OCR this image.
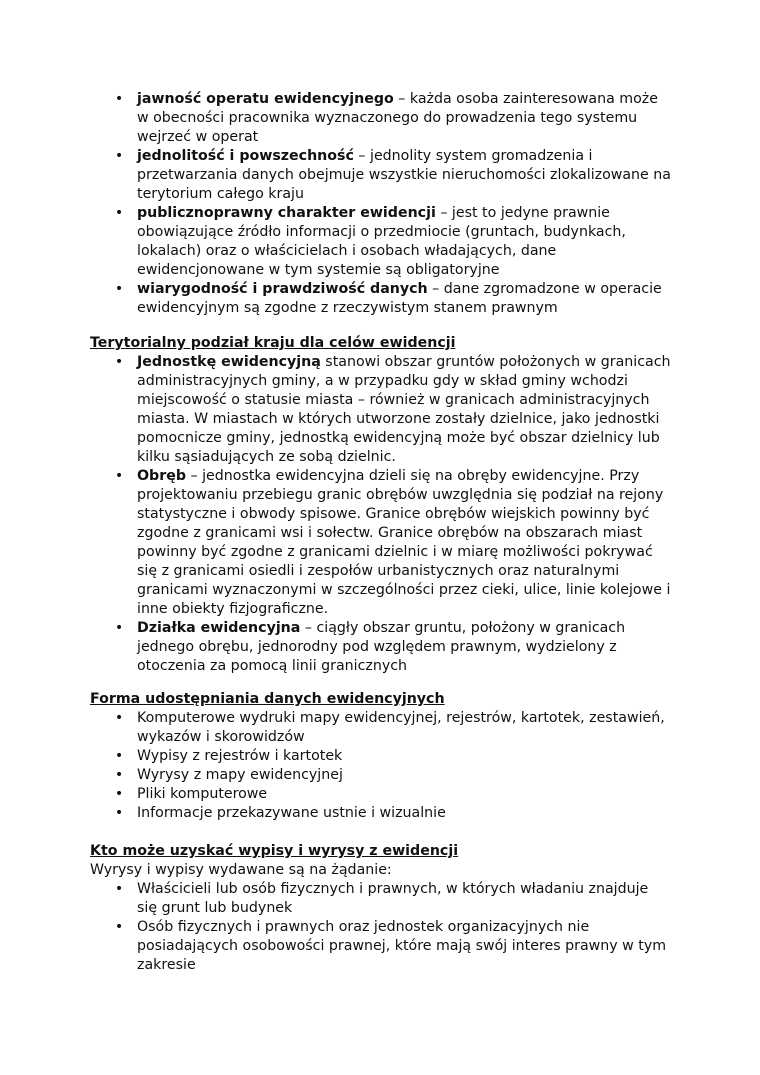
• jawność operatu ewidencyjnego – każda osoba zainteresowana może w obecności pracownika wyznaczonego do prowadzenia tego systemu wejrzeć w operat
• jednolitość i powszechność – jednolity system gromadzenia i przetwarzania danych obejmuje wszystkie nieruchomości zlokalizowane na terytorium całego kraju
• publicznoprawny charakter ewidencji – jest to jedyne prawnie obowiązujące źródło informacji o przedmiocie (gruntach, budynkach, lokalach) oraz o właścicielach i osobach władających, dane ewidencjonowane w tym systemie są obligatoryjne
• wiarygodność i prawdziwość danych – dane zgromadzone w operacie ewidencyjnym są zgodne z rzeczywistym stanem prawnym
Terytorialny podział kraju dla celów ewidencji
• Jednostkę ewidencyjną stanowi obszar gruntów położonych w granicach administracyjnych gminy, a w przypadku gdy w skład gminy wchodzi miejscowość o statusie miasta – również w granicach administracyjnych miasta. W miastach w których utworzone zostały dzielnice, jako jednostki pomocnicze gminy, jednostką ewidencyjną może być obszar dzielnicy lub kilku sąsiadujących ze sobą dzielnic.
• Obręb – jednostka ewidencyjna dzieli się na obręby ewidencyjne. Przy projektowaniu przebiegu granic obrębów uwzględnia się podział na rejony statystyczne i obwody spisowe. Granice obrębów wiejskich powinny być zgodne z granicami wsi i sołectw. Granice obrębów na obszarach miast powinny być zgodne z granicami dzielnic i w miarę możliwości pokrywać się z granicami osiedli i zespołów urbanistycznych oraz naturalnymi granicami wyznaczonymi w szczególności przez cieki, ulice, linie kolejowe i inne obiekty fizjograficzne.
• Działka ewidencyjna – ciągły obszar gruntu, położony w granicach jednego obrębu, jednorodny pod względem prawnym, wydzielony z otoczenia za pomocą linii granicznych
Forma udostępniania danych ewidencyjnych
• Komputerowe wydruki mapy ewidencyjnej, rejestrów, kartotek, zestawień, wykazów i skorowidzów
• Wypisy z rejestrów i kartotek
• Wyrysy z mapy ewidencyjnej
• Pliki komputerowe
• Informacje przekazywane ustnie i wizualnie
Kto może uzyskać wypisy i wyrysy z ewidencji
Wyrysy i wypisy wydawane są na żądanie:
• Właścicieli lub osób fizycznych i prawnych, w których władaniu znajduje się grunt lub budynek
• Osób fizycznych i prawnych oraz jednostek organizacyjnych nie posiadających osobowości prawnej, które mają swój interes prawny w tym zakresie
